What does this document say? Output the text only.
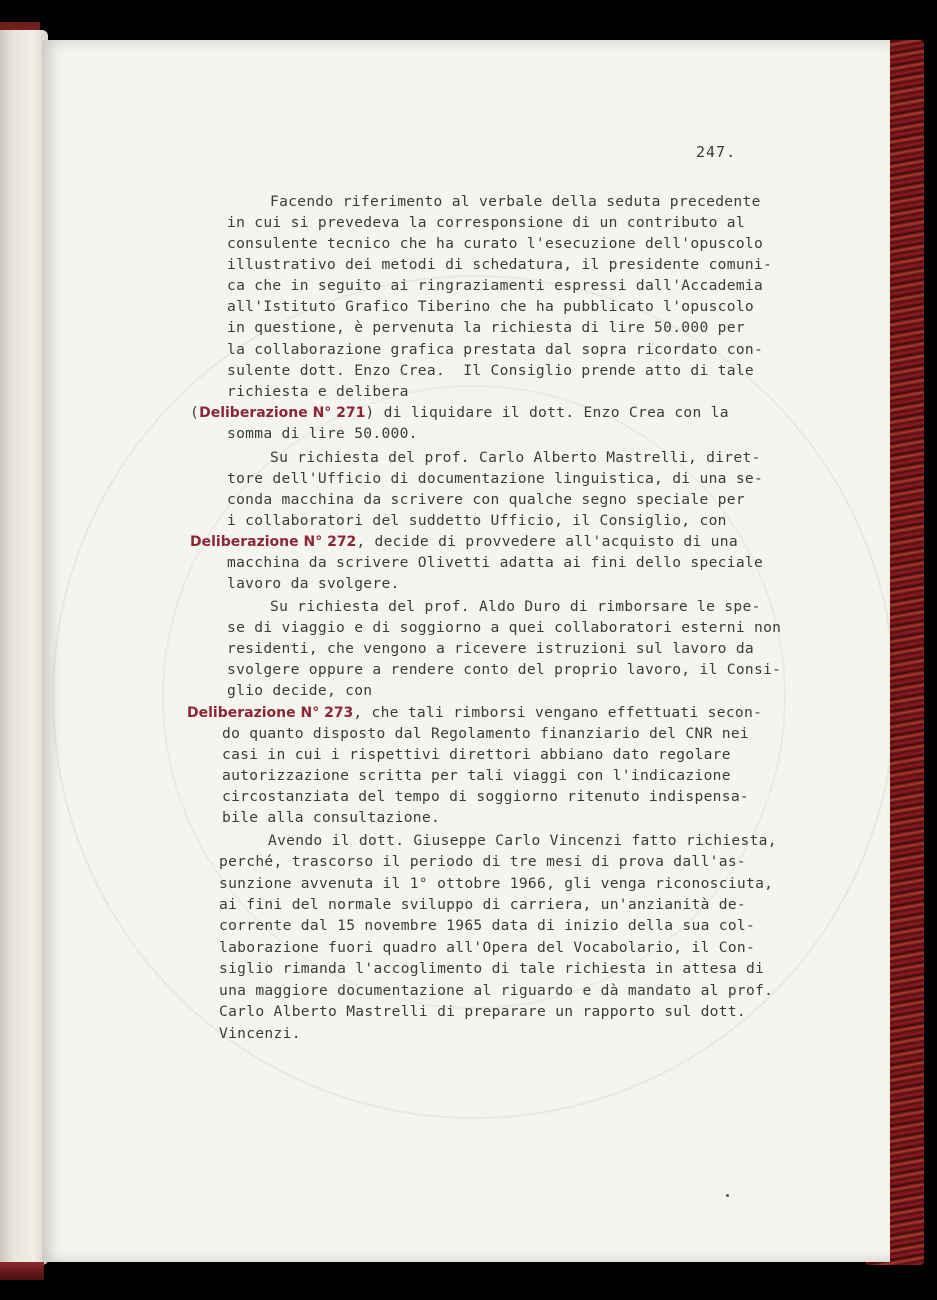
247.
Facendo riferimento al verbale della seduta precedente
in cui si prevedeva la corresponsione di un contributo al
consulente tecnico che ha curato l'esecuzione dell'opuscolo
illustrativo dei metodi di schedatura, il presidente comuni-
ca che in seguito ai ringraziamenti espressi dall'Accademia
all'Istituto Grafico Tiberino che ha pubblicato l'opuscolo
in questione, è pervenuta la richiesta di lire 50.000 per
la collaborazione grafica prestata dal sopra ricordato con-
sulente dott. Enzo Crea.  Il Consiglio prende atto di tale
richiesta e delibera
(Deliberazione N° 271) di liquidare il dott. Enzo Crea con la
somma di lire 50.000.
Su richiesta del prof. Carlo Alberto Mastrelli, diret-
tore dell'Ufficio di documentazione linguistica, di una se-
conda macchina da scrivere con qualche segno speciale per
i collaboratori del suddetto Ufficio, il Consiglio, con
Deliberazione N° 272, decide di provvedere all'acquisto di una
macchina da scrivere Olivetti adatta ai fini dello speciale
lavoro da svolgere.
Su richiesta del prof. Aldo Duro di rimborsare le spe-
se di viaggio e di soggiorno a quei collaboratori esterni non
residenti, che vengono a ricevere istruzioni sul lavoro da
svolgere oppure a rendere conto del proprio lavoro, il Consi-
glio decide, con
Deliberazione N° 273, che tali rimborsi vengano effettuati secon-
do quanto disposto dal Regolamento finanziario del CNR nei
casi in cui i rispettivi direttori abbiano dato regolare
autorizzazione scritta per tali viaggi con l'indicazione
circostanziata del tempo di soggiorno ritenuto indispensa-
bile alla consultazione.
Avendo il dott. Giuseppe Carlo Vincenzi fatto richiesta,
perché, trascorso il periodo di tre mesi di prova dall'as-
sunzione avvenuta il 1° ottobre 1966, gli venga riconosciuta,
ai fini del normale sviluppo di carriera, un'anzianità de-
corrente dal 15 novembre 1965 data di inizio della sua col-
laborazione fuori quadro all'Opera del Vocabolario, il Con-
siglio rimanda l'accoglimento di tale richiesta in attesa di
una maggiore documentazione al riguardo e dà mandato al prof.
Carlo Alberto Mastrelli di preparare un rapporto sul dott.
Vincenzi.
